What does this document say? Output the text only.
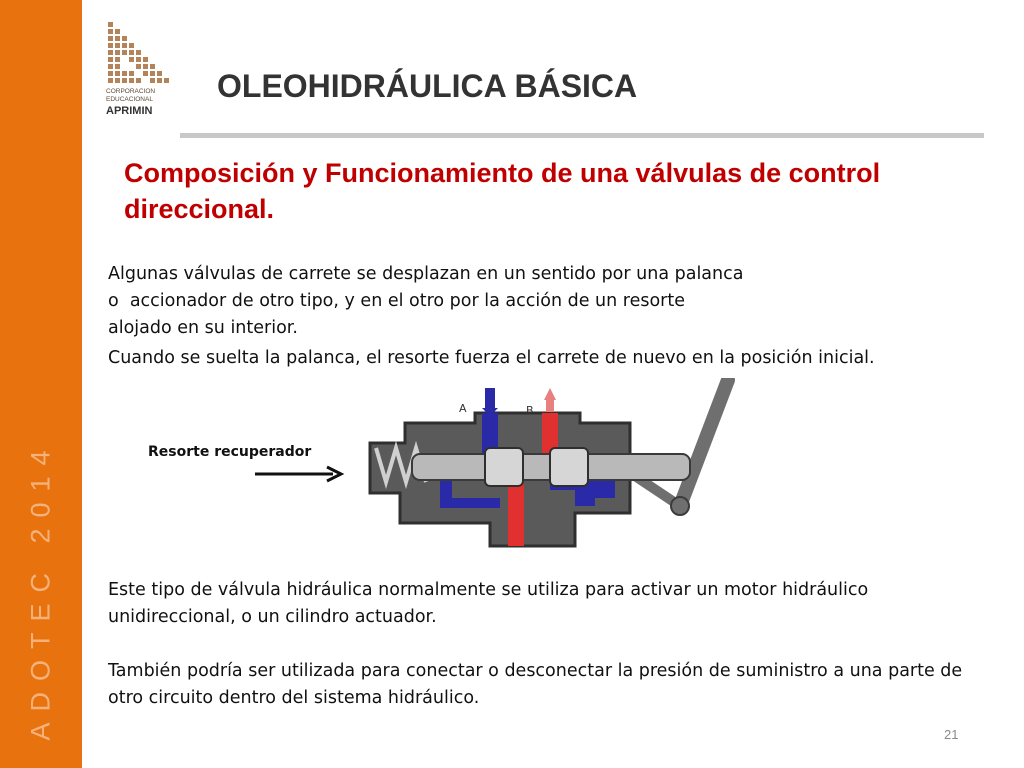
ADOTEC 2014
CORPORACION
EDUCACIONAL
APRIMIN
OLEOHIDRÁULICA BÁSICA
Composición y Funcionamiento de una válvulas de control direccional.

Algunas válvulas de carrete se desplazan en un sentido por una palanca
o  accionador de otro tipo, y en el otro por la acción de un resorte
alojado en su interior.

Cuando se suelta la palanca, el resorte fuerza el carrete de nuevo en la posición inicial.

A	B
Resorte recuperador

Este tipo de válvula hidráulica normalmente se utiliza para activar un motor hidráulico unidireccional, o un cilindro actuador.

También podría ser utilizada para conectar o desconectar la presión de suministro a una parte de otro circuito dentro del sistema hidráulico.

21
